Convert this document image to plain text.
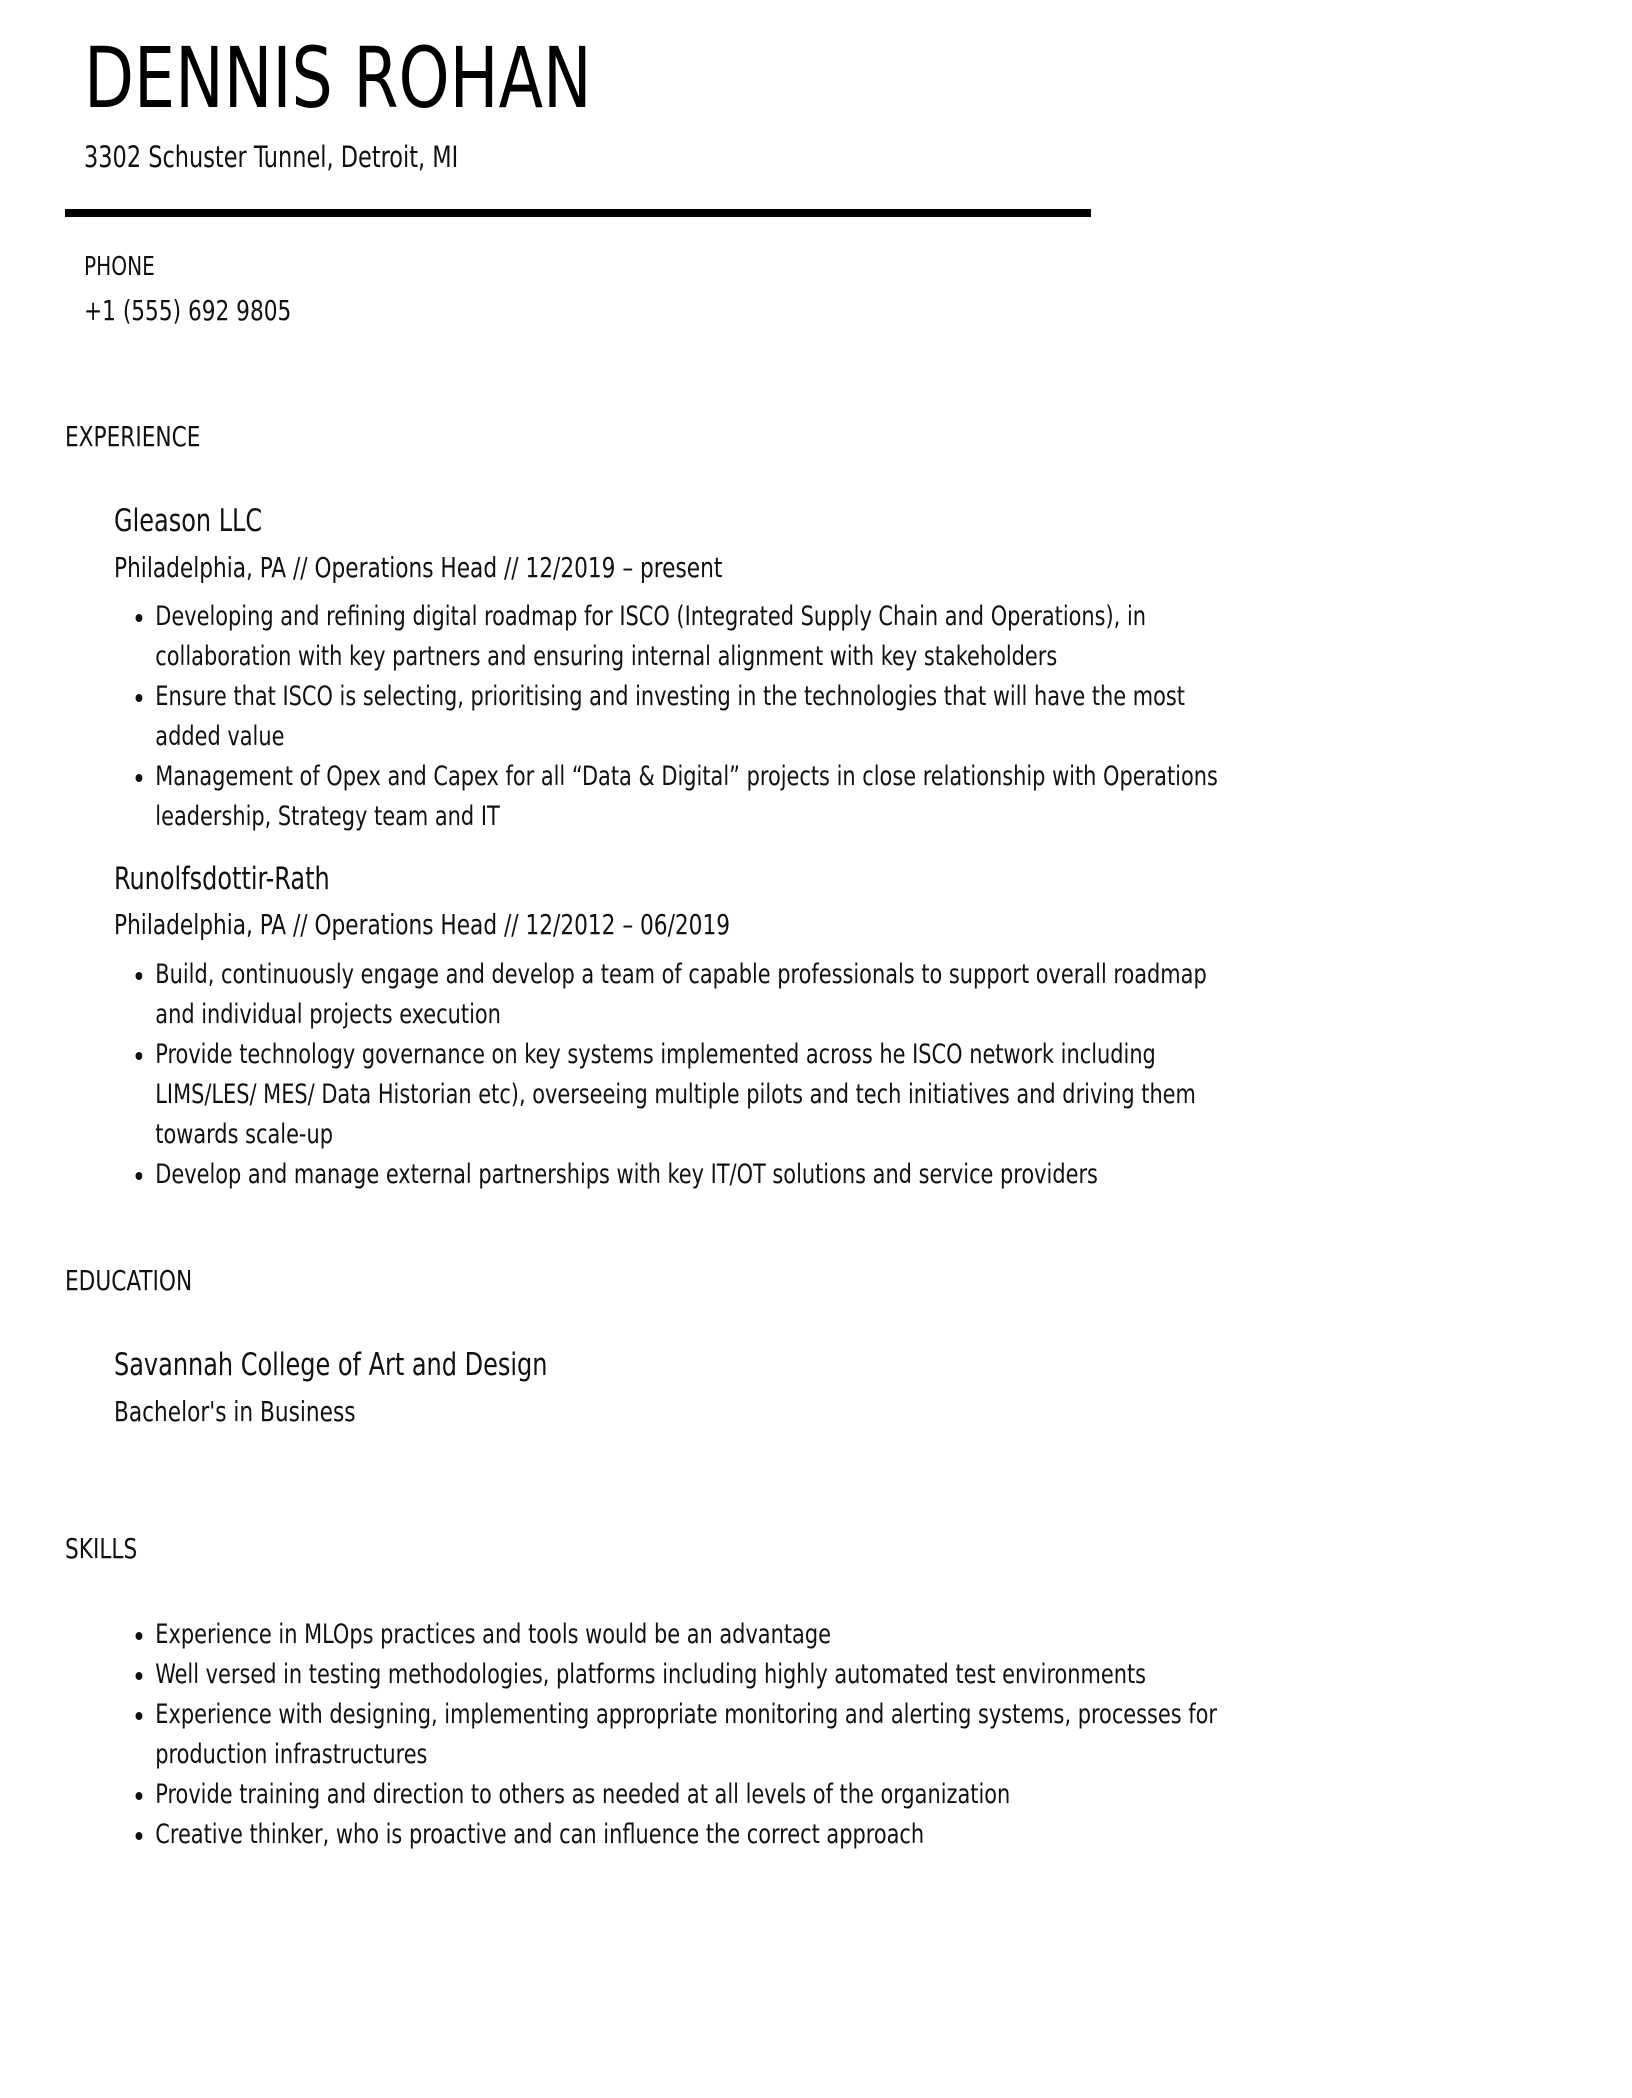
DENNIS ROHAN
3302 Schuster Tunnel, Detroit, MI
PHONE
+1 (555) 692 9805
EXPERIENCE
Gleason LLC
Philadelphia, PA // Operations Head // 12/2019 – present
Developing and refining digital roadmap for ISCO (Integrated Supply Chain and Operations), in collaboration with key partners and ensuring internal alignment with key stakeholders
Ensure that ISCO is selecting, prioritising and investing in the technologies that will have the most added value
Management of Opex and Capex for all “Data & Digital” projects in close relationship with Operations leadership, Strategy team and IT
Runolfsdottir-Rath
Philadelphia, PA // Operations Head // 12/2012 – 06/2019
Build, continuously engage and develop a team of capable professionals to support overall roadmap and individual projects execution
Provide technology governance on key systems implemented across he ISCO network including LIMS/LES/ MES/ Data Historian etc), overseeing multiple pilots and tech initiatives and driving them towards scale-up
Develop and manage external partnerships with key IT/OT solutions and service providers
EDUCATION
Savannah College of Art and Design
Bachelor's in Business
SKILLS
Experience in MLOps practices and tools would be an advantage
Well versed in testing methodologies, platforms including highly automated test environments
Experience with designing, implementing appropriate monitoring and alerting systems, processes for production infrastructures
Provide training and direction to others as needed at all levels of the organization
Creative thinker, who is proactive and can influence the correct approach
